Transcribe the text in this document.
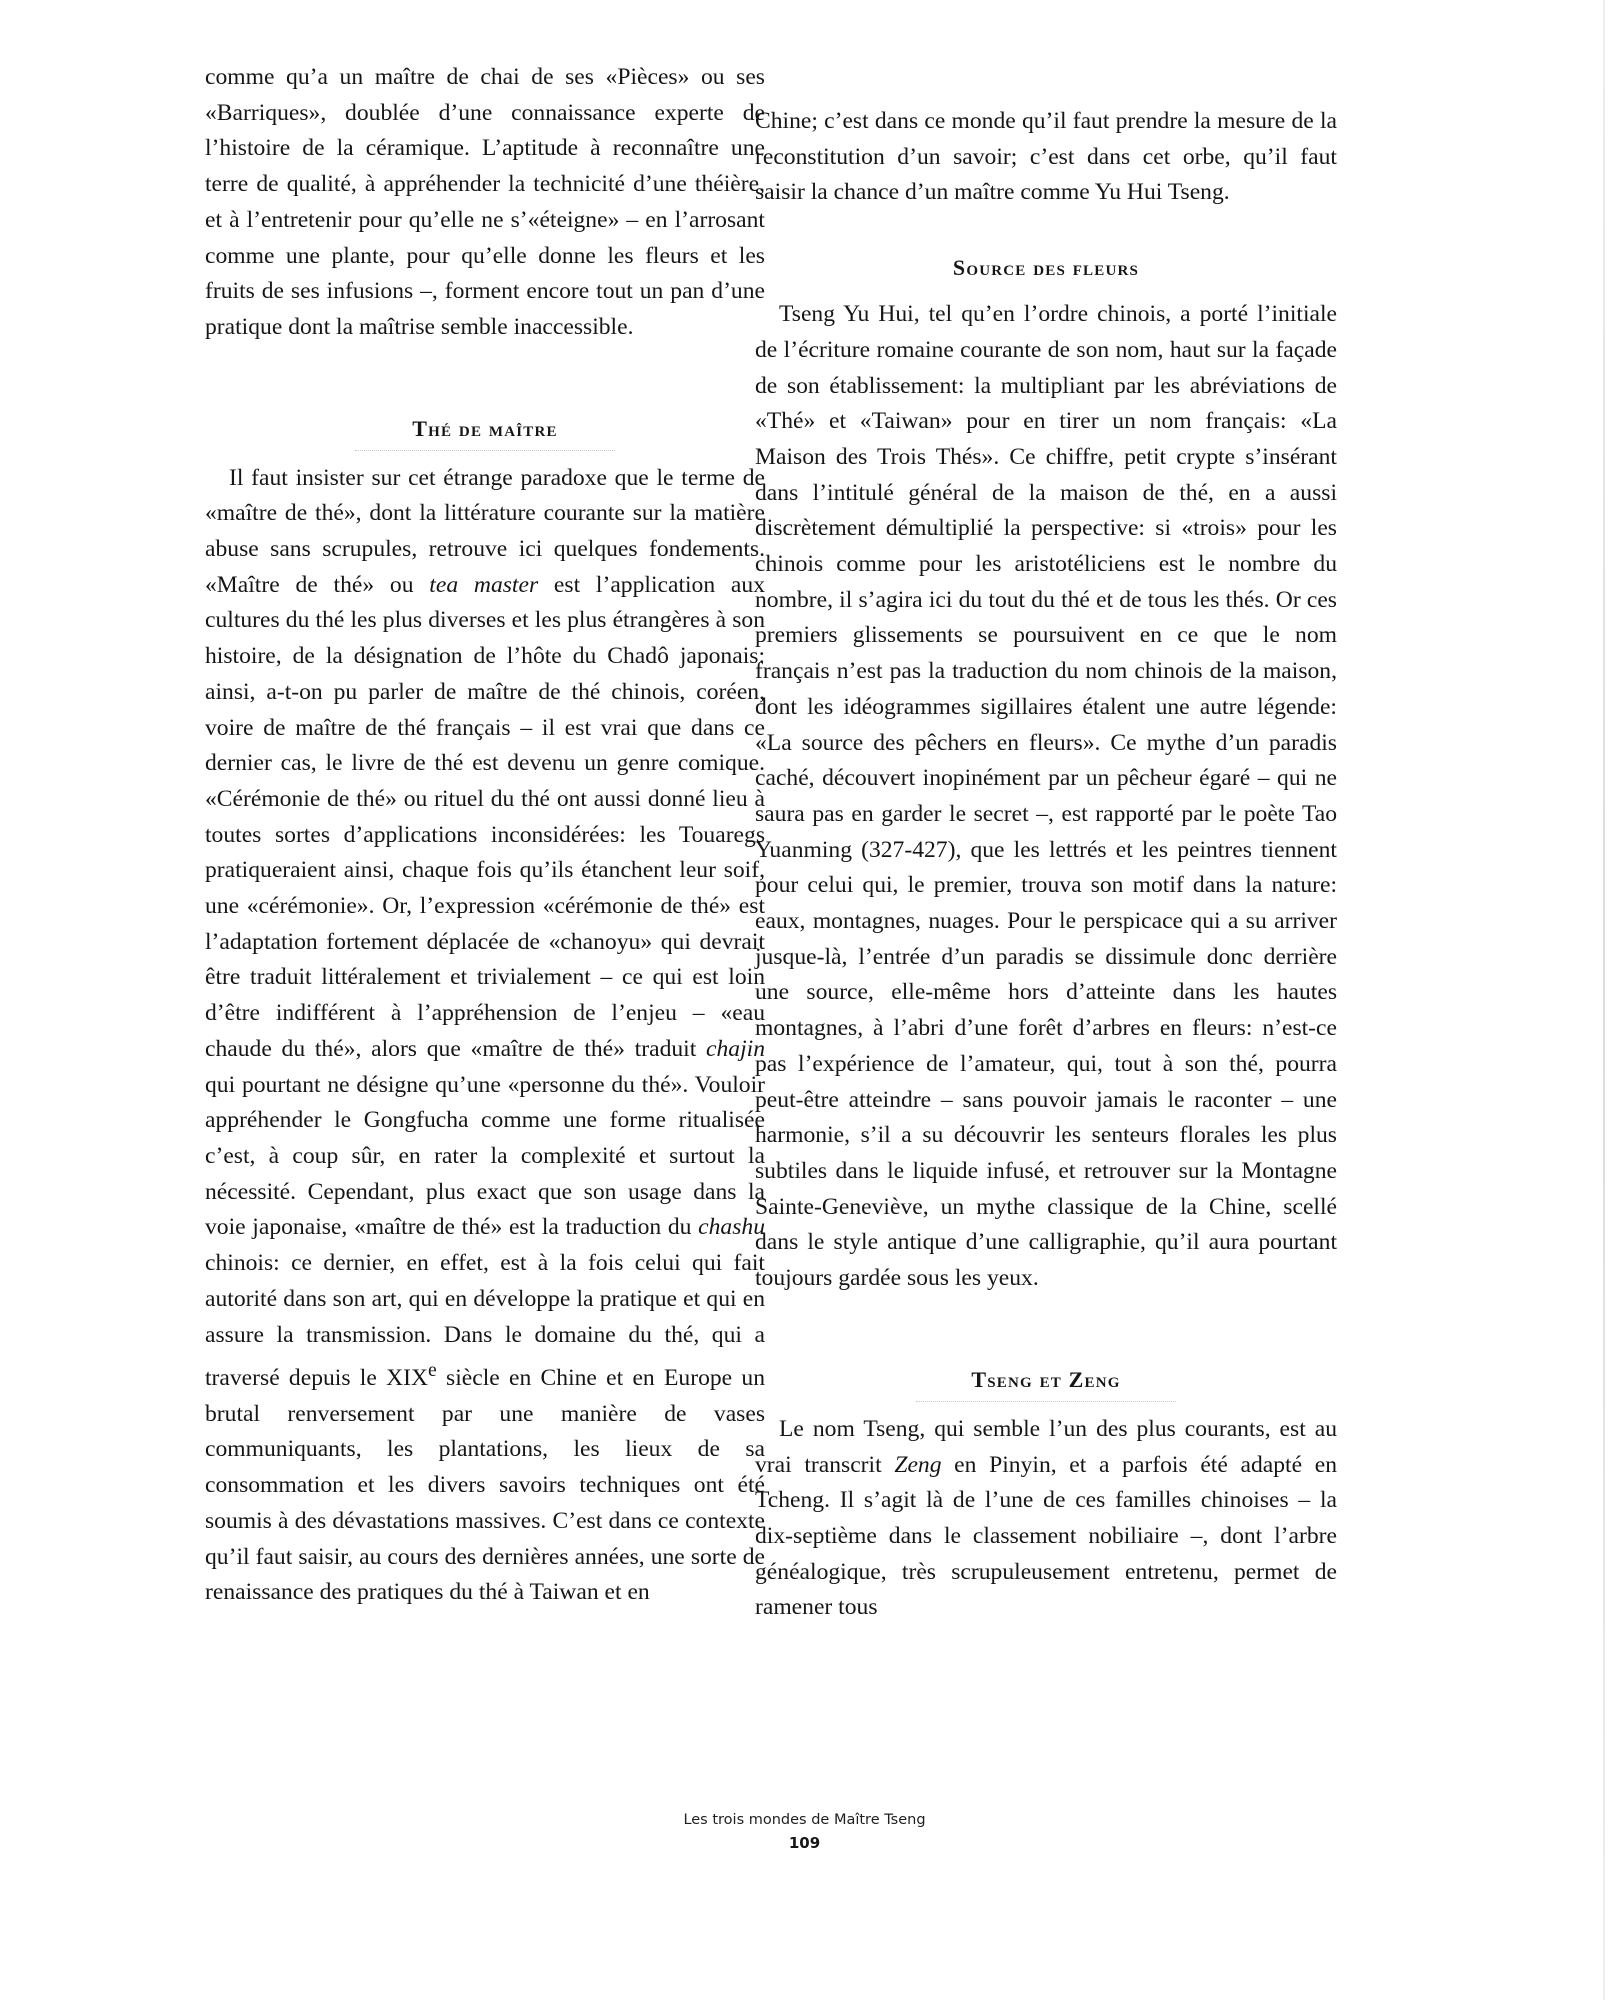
comme qu’a un maître de chai de ses «Pièces» ou ses «Barriques», doublée d’une connaissance experte de l’histoire de la céramique. L’aptitude à reconnaître une terre de qualité, à appréhender la technicité d’une théière, et à l’entretenir pour qu’elle ne s’«éteigne» – en l’arrosant comme une plante, pour qu’elle donne les fleurs et les fruits de ses infusions –, forment encore tout un pan d’une pratique dont la maîtrise semble inaccessible.

Thé de maître

Il faut insister sur cet étrange paradoxe que le terme de «maître de thé», dont la littérature courante sur la matière abuse sans scrupules, retrouve ici quelques fondements. «Maître de thé» ou tea master est l’application aux cultures du thé les plus diverses et les plus étrangères à son histoire, de la désignation de l’hôte du Chadô japonais: ainsi, a-t-on pu parler de maître de thé chinois, coréen, voire de maître de thé français – il est vrai que dans ce dernier cas, le livre de thé est devenu un genre comique. «Cérémonie de thé» ou rituel du thé ont aussi donné lieu à toutes sortes d’applications inconsidérées: les Touaregs pratiqueraient ainsi, chaque fois qu’ils étanchent leur soif, une «cérémonie». Or, l’expression «cérémonie de thé» est l’adaptation fortement déplacée de «chanoyu» qui devrait être traduit littéralement et trivialement – ce qui est loin d’être indifférent à l’appréhension de l’enjeu – «eau chaude du thé», alors que «maître de thé» traduit chajin qui pourtant ne désigne qu’une «personne du thé». Vouloir appréhender le Gongfucha comme une forme ritualisée c’est, à coup sûr, en rater la complexité et surtout la nécessité. Cependant, plus exact que son usage dans la voie japonaise, «maître de thé» est la traduction du chashu chinois: ce dernier, en effet, est à la fois celui qui fait autorité dans son art, qui en développe la pratique et qui en assure la transmission. Dans le domaine du thé, qui a traversé depuis le XIXe siècle en Chine et en Europe un brutal renversement par une manière de vases communiquants, les plantations, les lieux de sa consommation et les divers savoirs techniques ont été soumis à des dévastations massives. C’est dans ce contexte qu’il faut saisir, au cours des dernières années, une sorte de renaissance des pratiques du thé à Taiwan et en

Chine; c’est dans ce monde qu’il faut prendre la mesure de la reconstitution d’un savoir; c’est dans cet orbe, qu’il faut saisir la chance d’un maître comme Yu Hui Tseng.

Source des fleurs

Tseng Yu Hui, tel qu’en l’ordre chinois, a porté l’initiale de l’écriture romaine courante de son nom, haut sur la façade de son établissement: la multipliant par les abréviations de «Thé» et «Taiwan» pour en tirer un nom français: «La Maison des Trois Thés». Ce chiffre, petit crypte s’insérant dans l’intitulé général de la maison de thé, en a aussi discrètement démultiplié la perspective: si «trois» pour les chinois comme pour les aristotéliciens est le nombre du nombre, il s’agira ici du tout du thé et de tous les thés. Or ces premiers glissements se poursuivent en ce que le nom français n’est pas la traduction du nom chinois de la maison, dont les idéogrammes sigillaires étalent une autre légende: «La source des pêchers en fleurs». Ce mythe d’un paradis caché, découvert inopinément par un pêcheur égaré – qui ne saura pas en garder le secret –, est rapporté par le poète Tao Yuanming (327-427), que les lettrés et les peintres tiennent pour celui qui, le premier, trouva son motif dans la nature: eaux, montagnes, nuages. Pour le perspicace qui a su arriver jusque-là, l’entrée d’un paradis se dissimule donc derrière une source, elle-même hors d’atteinte dans les hautes montagnes, à l’abri d’une forêt d’arbres en fleurs: n’est-ce pas l’expérience de l’amateur, qui, tout à son thé, pourra peut-être atteindre – sans pouvoir jamais le raconter – une harmonie, s’il a su découvrir les senteurs florales les plus subtiles dans le liquide infusé, et retrouver sur la Montagne Sainte-Geneviève, un mythe classique de la Chine, scellé dans le style antique d’une calligraphie, qu’il aura pourtant toujours gardée sous les yeux.

Tseng et Zeng

Le nom Tseng, qui semble l’un des plus courants, est au vrai transcrit Zeng en Pinyin, et a parfois été adapté en Tcheng. Il s’agit là de l’une de ces familles chinoises – la dix-septième dans le classement nobiliaire –, dont l’arbre généalogique, très scrupuleusement entretenu, permet de ramener tous

Les trois mondes de Maître Tseng
109
